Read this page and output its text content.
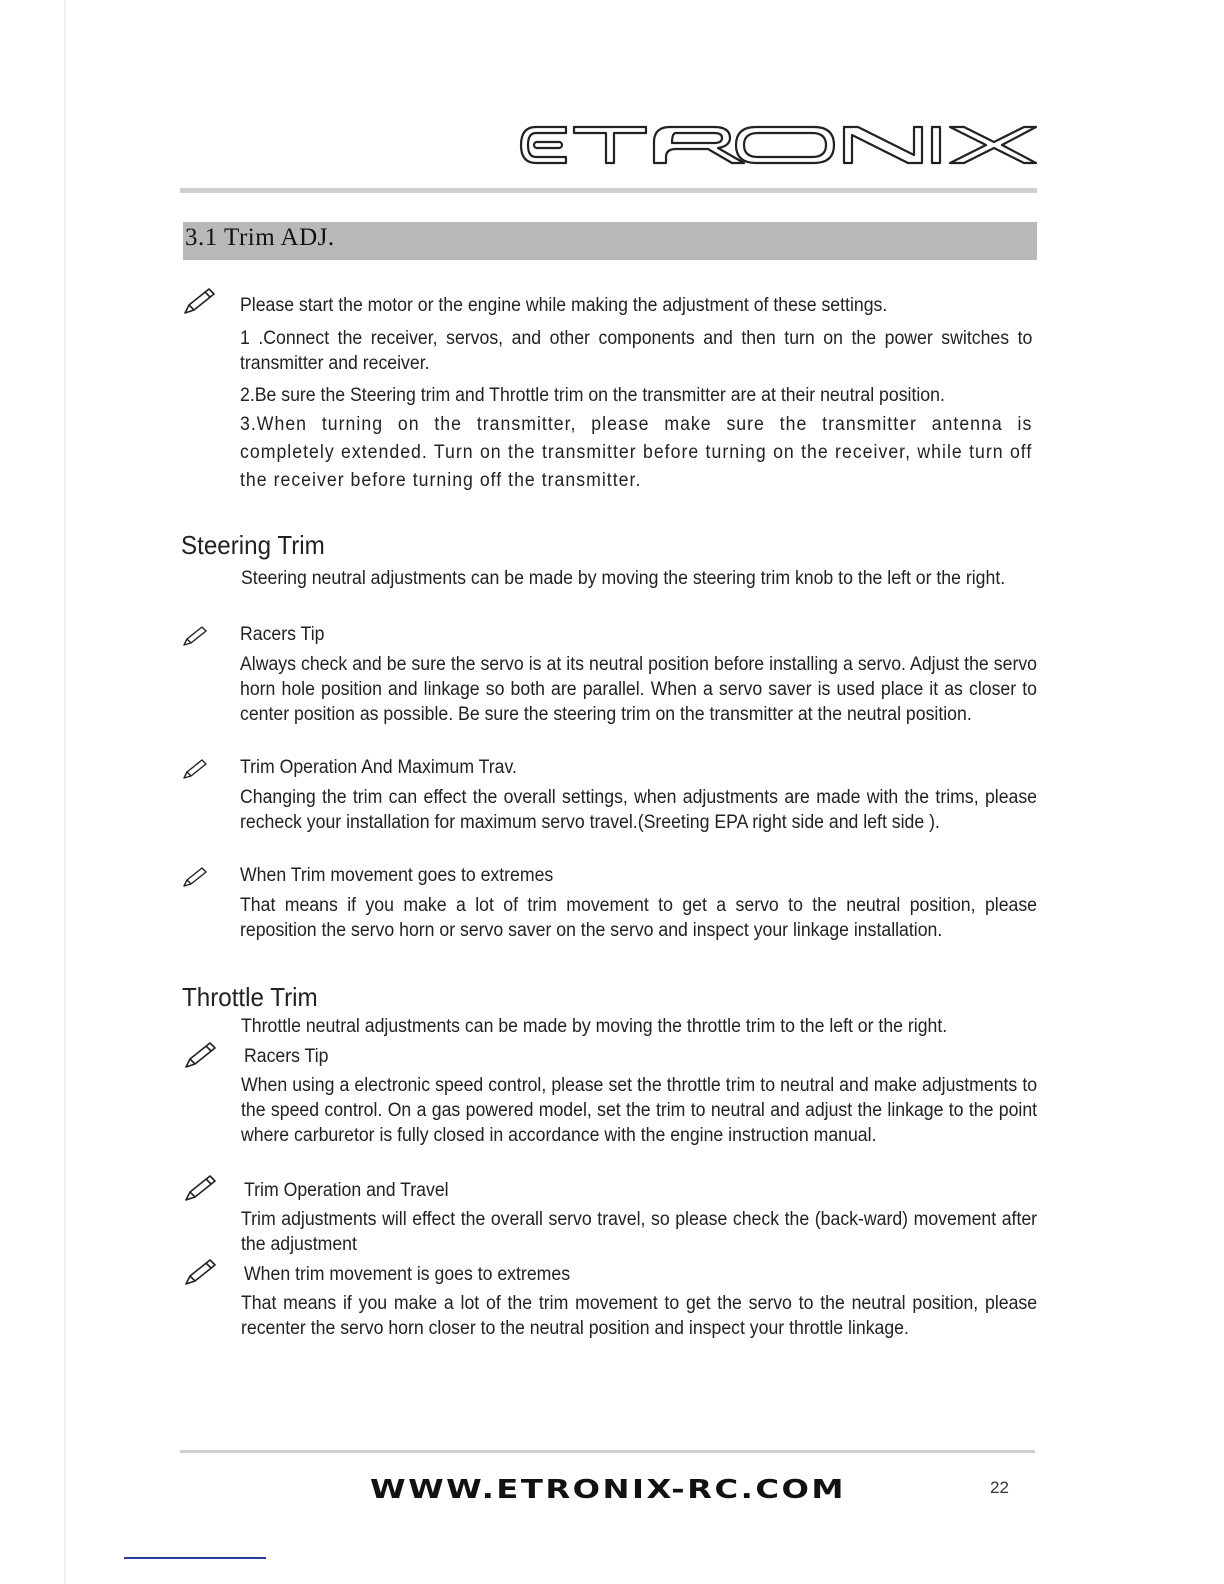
3.1 Trim ADJ.
Please start the motor or the engine while making the adjustment of these settings.
1 .Connect the receiver, servos, and other components and then turn on the power switches to transmitter and receiver.
2.Be sure the Steering trim and Throttle trim on the transmitter are at their neutral position.
3.When turning on the transmitter, please make sure the transmitter antenna is completely extended. Turn on the transmitter before turning on the receiver, while turn off the receiver before turning off the transmitter.
Steering Trim
Steering neutral adjustments can be made by moving the steering trim knob to the left or the right.
Racers Tip
Always check and be sure the servo is at its neutral position before installing a servo. Adjust the servo horn hole position and linkage so both are parallel. When a servo saver is used place it as closer to center position as possible. Be sure the steering trim on the transmitter at the neutral position.
Trim Operation And Maximum Trav.
Changing the trim can effect the overall settings, when adjustments are made with the trims, please recheck your installation for maximum servo travel.(Sreeting EPA right side and left side ).
When Trim movement goes to extremes
That means if you make a lot of trim movement to get a servo to the neutral position, please reposition the servo horn or servo saver on the servo and inspect your linkage installation.
Throttle Trim
Throttle neutral adjustments can be made by moving the throttle trim to the left or the right.
Racers Tip
When using a electronic speed control, please set the throttle trim to neutral and make adjustments to the speed control. On a gas powered model, set the trim to neutral and adjust the linkage to the point where carburetor is fully closed in accordance with the engine instruction manual.
Trim Operation and Travel
Trim adjustments will effect the overall servo travel, so please check the (back-ward) movement after the adjustment
When trim movement is goes to extremes
That means if you make a lot of the trim movement to get the servo to the neutral position, please recenter the servo horn closer to the neutral position and inspect your throttle linkage.
WWW.ETRONIX-RC.COM	22
